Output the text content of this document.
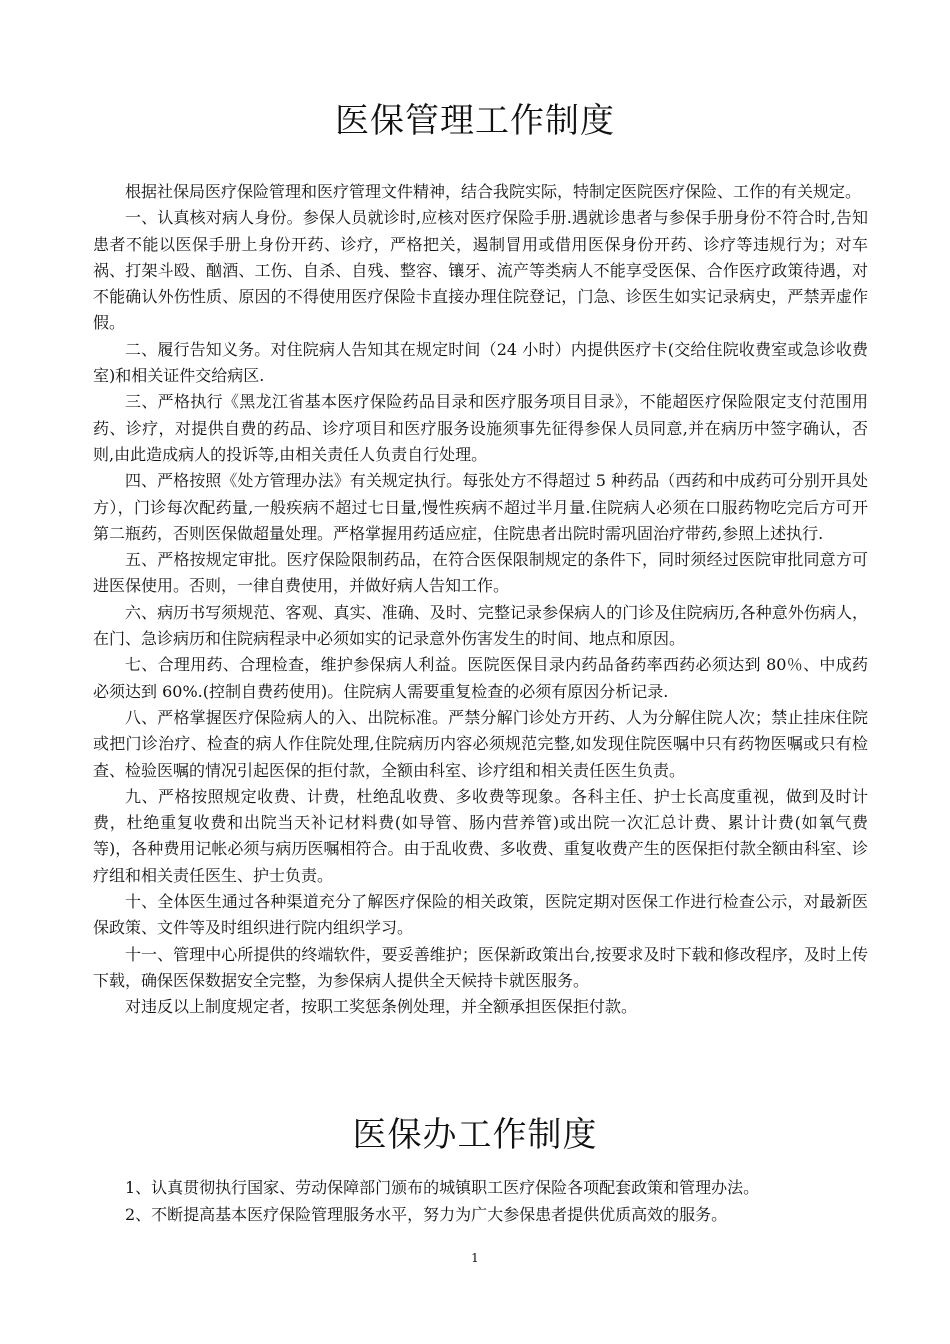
医保管理工作制度

根据社保局医疗保险管理和医疗管理文件精神，结合我院实际，特制定医院医疗保险、工作的有关规定。

一、认真核对病人身份。参保人员就诊时,应核对医疗保险手册.遇就诊患者与参保手册身份不符合时,告知患者不能以医保手册上身份开药、诊疗，严格把关，遏制冒用或借用医保身份开药、诊疗等违规行为；对车祸、打架斗殴、酗酒、工伤、自杀、自残、整容、镶牙、流产等类病人不能享受医保、合作医疗政策待遇，对不能确认外伤性质、原因的不得使用医疗保险卡直接办理住院登记，门急、诊医生如实记录病史，严禁弄虚作假。

二、履行告知义务。对住院病人告知其在规定时间（24 小时）内提供医疗卡(交给住院收费室或急诊收费室)和相关证件交给病区.

三、严格执行《黑龙江省基本医疗保险药品目录和医疗服务项目目录》，不能超医疗保险限定支付范围用药、诊疗，对提供自费的药品、诊疗项目和医疗服务设施须事先征得参保人员同意,并在病历中签字确认，否则,由此造成病人的投诉等,由相关责任人负责自行处理。

四、严格按照《处方管理办法》有关规定执行。每张处方不得超过 5 种药品（西药和中成药可分别开具处方），门诊每次配药量,一般疾病不超过七日量,慢性疾病不超过半月量.住院病人必须在口服药物吃完后方可开第二瓶药，否则医保做超量处理。严格掌握用药适应症，住院患者出院时需巩固治疗带药,参照上述执行.

五、严格按规定审批。医疗保险限制药品，在符合医保限制规定的条件下，同时须经过医院审批同意方可进医保使用。否则，一律自费使用，并做好病人告知工作。

六、病历书写须规范、客观、真实、准确、及时、完整记录参保病人的门诊及住院病历,各种意外伤病人，在门、急诊病历和住院病程录中必须如实的记录意外伤害发生的时间、地点和原因。

七、合理用药、合理检查，维护参保病人利益。医院医保目录内药品备药率西药必须达到 80％、中成药必须达到 60%.(控制自费药使用)。住院病人需要重复检查的必须有原因分析记录.

八、严格掌握医疗保险病人的入、出院标准。严禁分解门诊处方开药、人为分解住院人次；禁止挂床住院或把门诊治疗、检查的病人作住院处理,住院病历内容必须规范完整,如发现住院医嘱中只有药物医嘱或只有检查、检验医嘱的情况引起医保的拒付款，全额由科室、诊疗组和相关责任医生负责。

九、严格按照规定收费、计费，杜绝乱收费、多收费等现象。各科主任、护士长高度重视，做到及时计费，杜绝重复收费和出院当天补记材料费(如导管、肠内营养管)或出院一次汇总计费、累计计费(如氧气费等)，各种费用记帐必须与病历医嘱相符合。由于乱收费、多收费、重复收费产生的医保拒付款全额由科室、诊疗组和相关责任医生、护士负责。

十、全体医生通过各种渠道充分了解医疗保险的相关政策，医院定期对医保工作进行检查公示，对最新医保政策、文件等及时组织进行院内组织学习。

十一、管理中心所提供的终端软件，要妥善维护；医保新政策出台,按要求及时下载和修改程序，及时上传下载，确保医保数据安全完整，为参保病人提供全天候持卡就医服务。

对违反以上制度规定者，按职工奖惩条例处理，并全额承担医保拒付款。

医保办工作制度

1、认真贯彻执行国家、劳动保障部门颁布的城镇职工医疗保险各项配套政策和管理办法。

2、不断提高基本医疗保险管理服务水平，努力为广大参保患者提供优质高效的服务。

1
